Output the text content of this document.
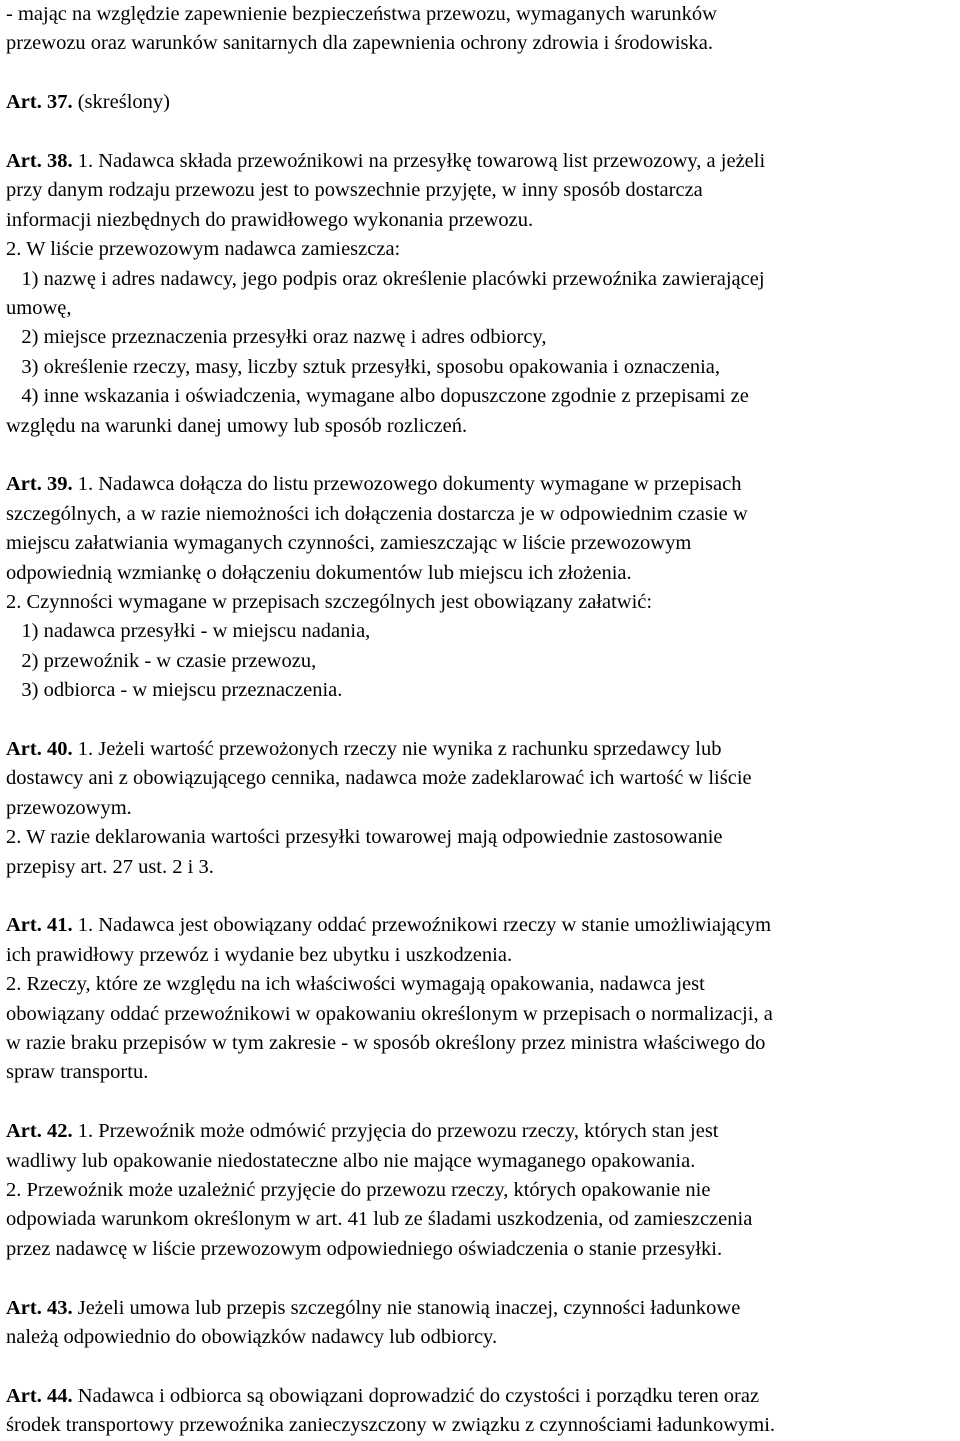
- mając na względzie zapewnienie bezpieczeństwa przewozu, wymaganych warunków
przewozu oraz warunków sanitarnych dla zapewnienia ochrony zdrowia i środowiska.
Art. 37. (skreślony)
Art. 38. 1. Nadawca składa przewoźnikowi na przesyłkę towarową list przewozowy, a jeżeli
przy danym rodzaju przewozu jest to powszechnie przyjęte, w inny sposób dostarcza
informacji niezbędnych do prawidłowego wykonania przewozu.
2. W liście przewozowym nadawca zamieszcza:
1) nazwę i adres nadawcy, jego podpis oraz określenie placówki przewoźnika zawierającej
umowę,
2) miejsce przeznaczenia przesyłki oraz nazwę i adres odbiorcy,
3) określenie rzeczy, masy, liczby sztuk przesyłki, sposobu opakowania i oznaczenia,
4) inne wskazania i oświadczenia, wymagane albo dopuszczone zgodnie z przepisami ze
względu na warunki danej umowy lub sposób rozliczeń.
Art. 39. 1. Nadawca dołącza do listu przewozowego dokumenty wymagane w przepisach
szczególnych, a w razie niemożności ich dołączenia dostarcza je w odpowiednim czasie w
miejscu załatwiania wymaganych czynności, zamieszczając w liście przewozowym
odpowiednią wzmiankę o dołączeniu dokumentów lub miejscu ich złożenia.
2. Czynności wymagane w przepisach szczególnych jest obowiązany załatwić:
1) nadawca przesyłki - w miejscu nadania,
2) przewoźnik - w czasie przewozu,
3) odbiorca - w miejscu przeznaczenia.
Art. 40. 1. Jeżeli wartość przewożonych rzeczy nie wynika z rachunku sprzedawcy lub
dostawcy ani z obowiązującego cennika, nadawca może zadeklarować ich wartość w liście
przewozowym.
2. W razie deklarowania wartości przesyłki towarowej mają odpowiednie zastosowanie
przepisy art. 27 ust. 2 i 3.
Art. 41. 1. Nadawca jest obowiązany oddać przewoźnikowi rzeczy w stanie umożliwiającym
ich prawidłowy przewóz i wydanie bez ubytku i uszkodzenia.
2. Rzeczy, które ze względu na ich właściwości wymagają opakowania, nadawca jest
obowiązany oddać przewoźnikowi w opakowaniu określonym w przepisach o normalizacji, a
w razie braku przepisów w tym zakresie - w sposób określony przez ministra właściwego do
spraw transportu.
Art. 42. 1. Przewoźnik może odmówić przyjęcia do przewozu rzeczy, których stan jest
wadliwy lub opakowanie niedostateczne albo nie mające wymaganego opakowania.
2. Przewoźnik może uzależnić przyjęcie do przewozu rzeczy, których opakowanie nie
odpowiada warunkom określonym w art. 41 lub ze śladami uszkodzenia, od zamieszczenia
przez nadawcę w liście przewozowym odpowiedniego oświadczenia o stanie przesyłki.
Art. 43. Jeżeli umowa lub przepis szczególny nie stanowią inaczej, czynności ładunkowe
należą odpowiednio do obowiązków nadawcy lub odbiorcy.
Art. 44. Nadawca i odbiorca są obowiązani doprowadzić do czystości i porządku teren oraz
środek transportowy przewoźnika zanieczyszczony w związku z czynnościami ładunkowymi.
